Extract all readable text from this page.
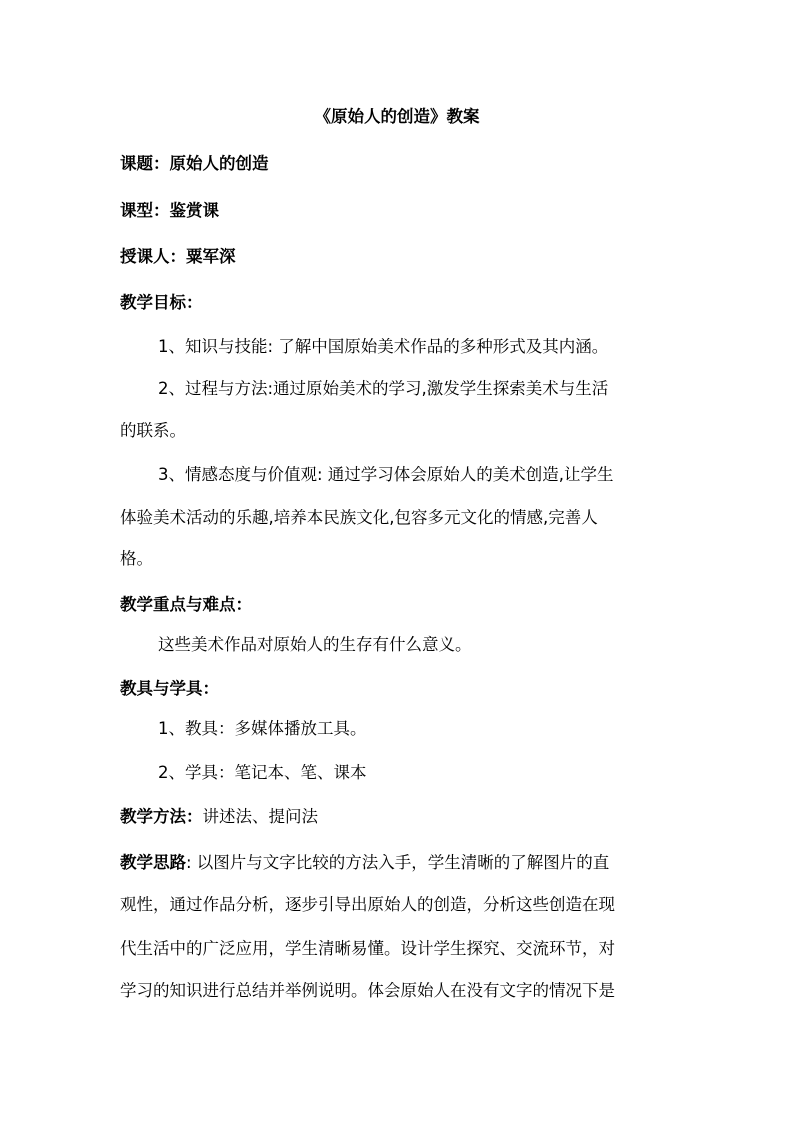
《原始人的创造》教案
课题：原始人的创造
课型：鉴赏课
授课人：粟军深
教学目标：
1、知识与技能: 了解中国原始美术作品的多种形式及其内涵。
2、过程与方法:通过原始美术的学习,激发学生探索美术与生活
的联系。
3、情感态度与价值观: 通过学习体会原始人的美术创造,让学生
体验美术活动的乐趣,培养本民族文化,包容多元文化的情感,完善人
格。
教学重点与难点：
这些美术作品对原始人的生存有什么意义。
教具与学具：
1、教具：多媒体播放工具。
2、学具：笔记本、笔、课本
教学方法：讲述法、提问法
教学思路: 以图片与文字比较的方法入手，学生清晰的了解图片的直
观性，通过作品分析，逐步引导出原始人的创造，分析这些创造在现
代生活中的广泛应用，学生清晰易懂。设计学生探究、交流环节，对
学习的知识进行总结并举例说明。体会原始人在没有文字的情况下是
